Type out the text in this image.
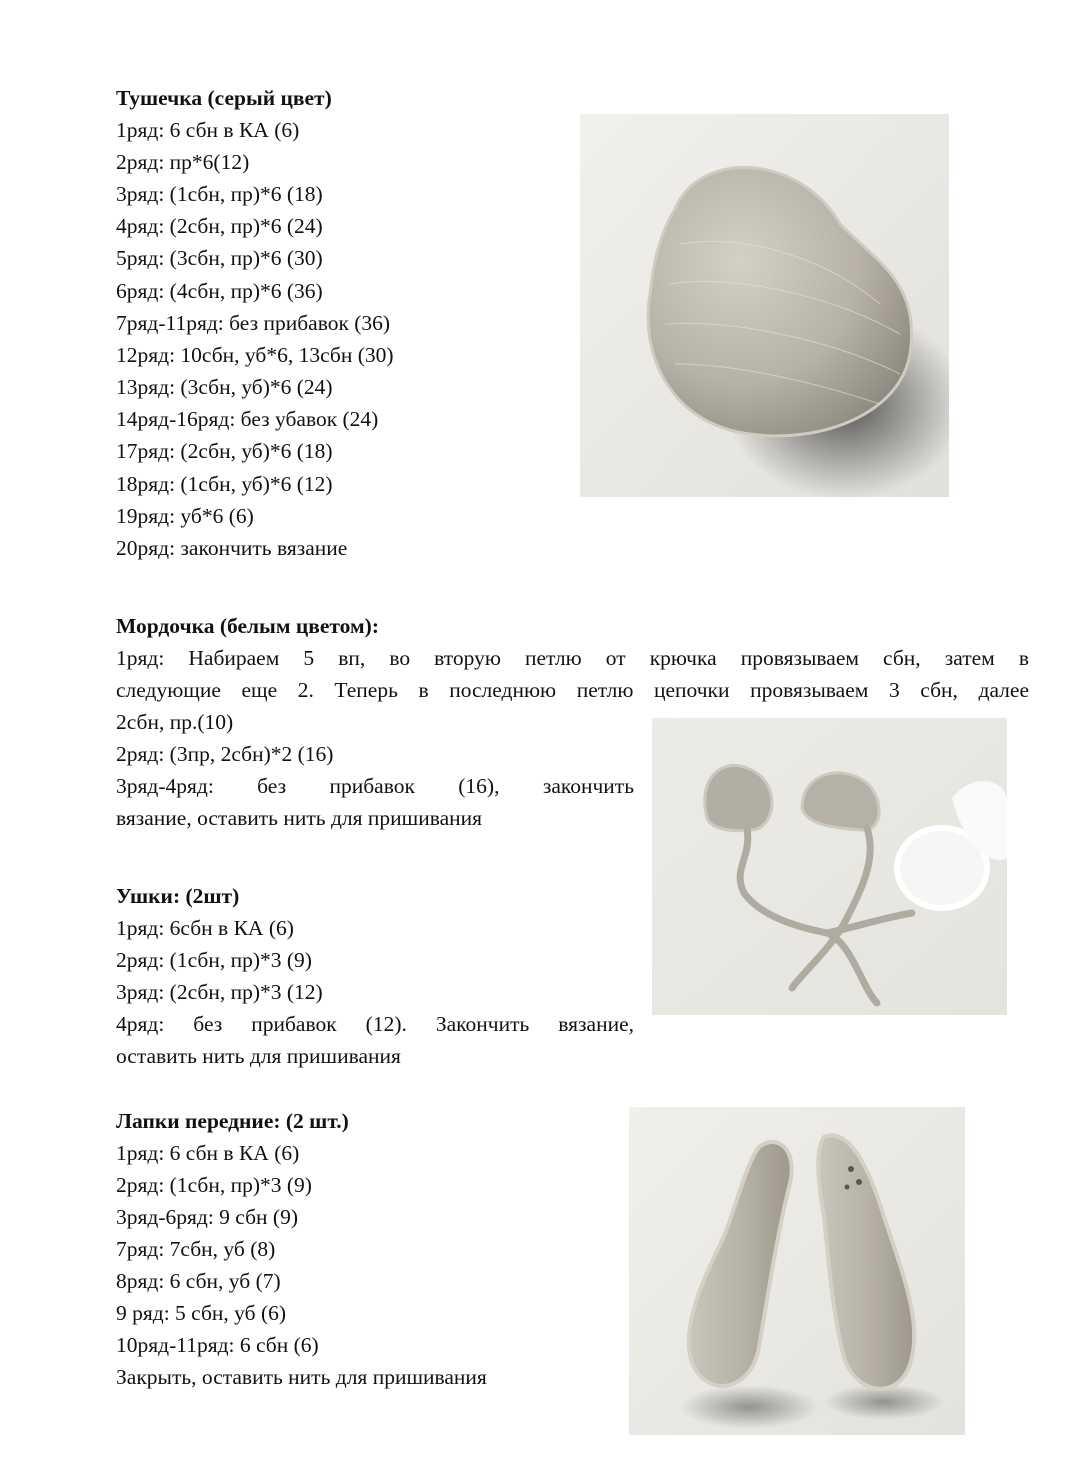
Тушечка (серый цвет)
1ряд: 6 сбн в КА (6)
2ряд: пр*6(12)
3ряд: (1сбн, пр)*6 (18)
4ряд: (2сбн, пр)*6 (24)
5ряд: (3сбн, пр)*6 (30)
6ряд: (4сбн, пр)*6 (36)
7ряд-11ряд: без прибавок (36)
12ряд: 10сбн, уб*6, 13сбн (30)
13ряд: (3сбн, уб)*6 (24)
14ряд-16ряд: без убавок (24)
17ряд: (2сбн, уб)*6 (18)
18ряд: (1сбн, уб)*6 (12)
19ряд: уб*6 (6)
20ряд: закончить вязание
Мордочка (белым цветом):
1ряд: Набираем 5 вп, во вторую петлю от крючка провязываем сбн, затем в
следующие еще 2. Теперь в последнюю петлю цепочки провязываем 3 сбн, далее
2сбн, пр.(10)
2ряд: (3пр, 2сбн)*2 (16)
3ряд-4ряд: без прибавок (16), закончить
вязание, оставить нить для пришивания
Ушки: (2шт)
1ряд: 6сбн в КА (6)
2ряд: (1сбн, пр)*3 (9)
3ряд: (2сбн, пр)*3 (12)
4ряд: без прибавок (12). Закончить вязание,
оставить нить для пришивания
Лапки передние: (2 шт.)
1ряд: 6 сбн в КА (6)
2ряд: (1сбн, пр)*3 (9)
3ряд-6ряд: 9 сбн (9)
7ряд: 7сбн, уб (8)
8ряд: 6 сбн, уб (7)
9 ряд: 5 сбн, уб (6)
10ряд-11ряд: 6 сбн (6)
Закрыть, оставить нить для пришивания
